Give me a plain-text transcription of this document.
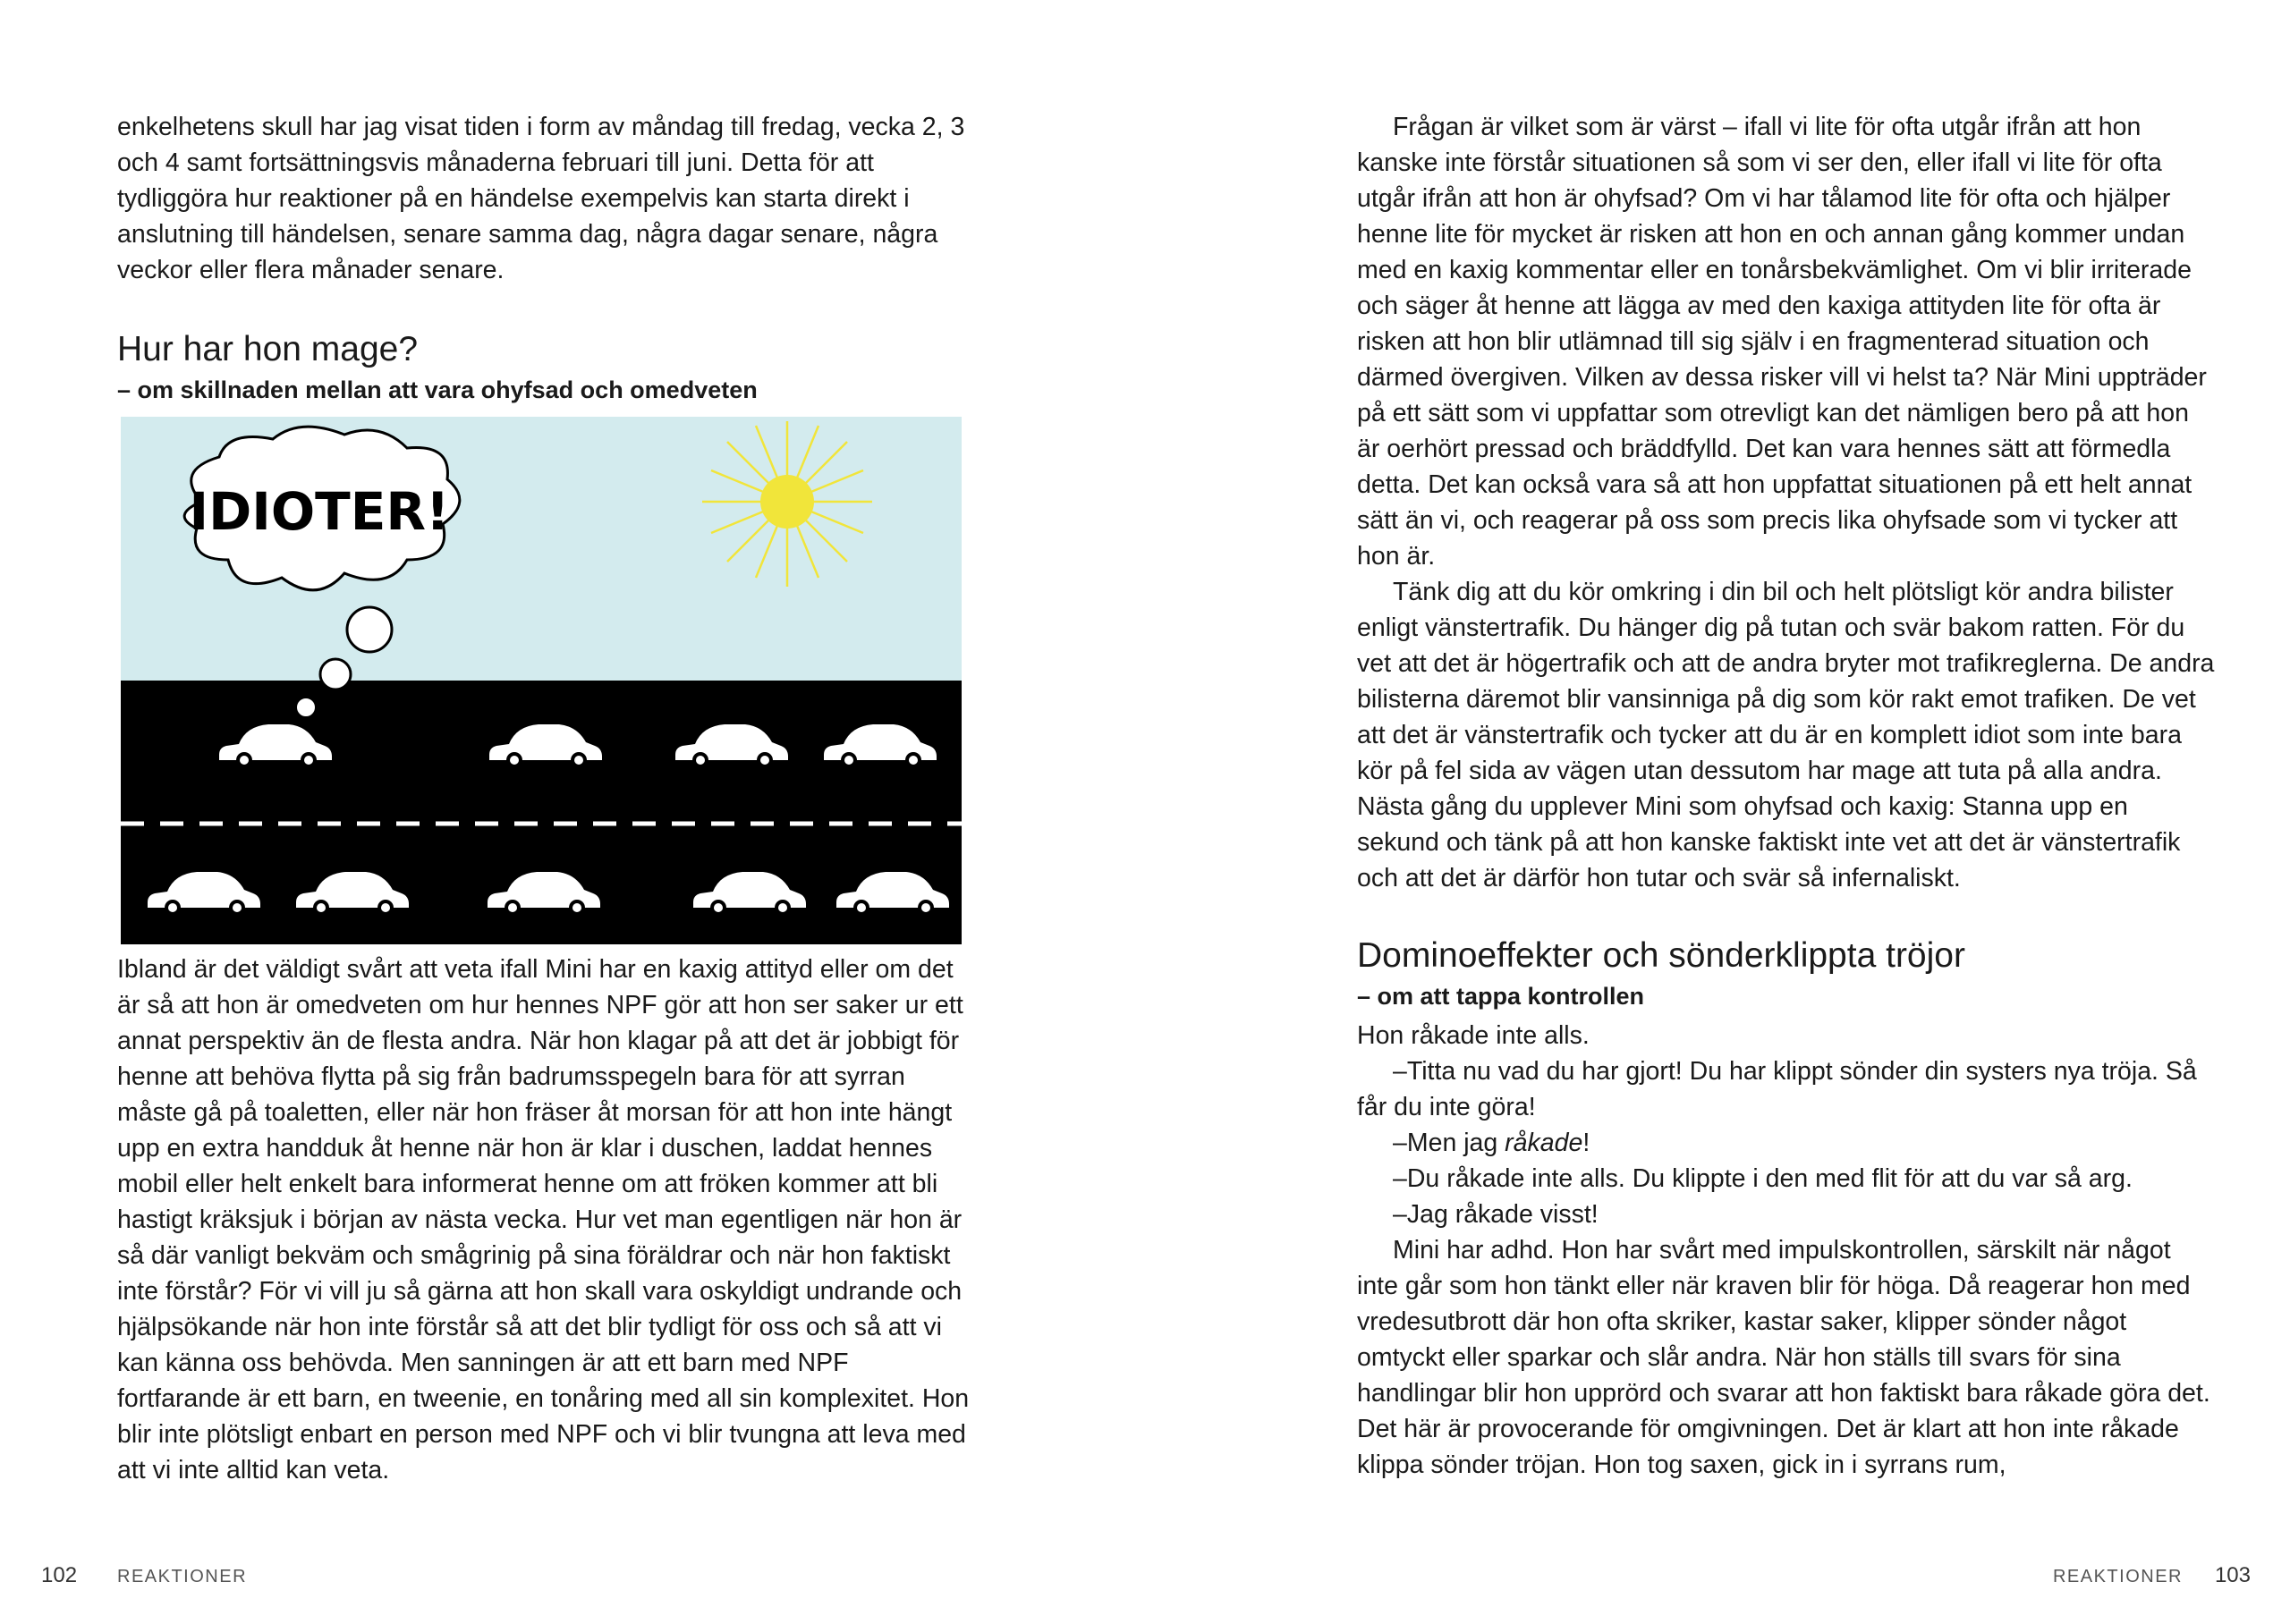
enkelhetens skull har jag visat tiden i form av måndag till fredag, vecka 2, 3 och 4 samt fortsättningsvis månaderna februari till juni. Detta för att tydliggöra hur reaktioner på en händelse exempelvis kan starta direkt i anslutning till händelsen, senare samma dag, några dagar senare, några veckor eller flera månader senare.

Hur har hon mage?

– om skillnaden mellan att vara ohyfsad och omedveten

IDIOTER!

Ibland är det väldigt svårt att veta ifall Mini har en kaxig attityd eller om det är så att hon är omedveten om hur hennes NPF gör att hon ser saker ur ett annat perspektiv än de flesta andra. När hon klagar på att det är jobbigt för henne att behöva flytta på sig från badrumsspegeln bara för att syrran måste gå på toaletten, eller när hon fräser åt morsan för att hon inte hängt upp en extra handduk åt henne när hon är klar i duschen, laddat hennes mobil eller helt enkelt bara informerat henne om att fröken kommer att bli hastigt kräksjuk i början av nästa vecka. Hur vet man egentligen när hon är så där vanligt bekväm och smågrinig på sina föräldrar och när hon faktiskt inte förstår? För vi vill ju så gärna att hon skall vara oskyldigt undrande och hjälpsökande när hon inte förstår så att det blir tydligt för oss och så att vi kan känna oss behövda. Men sanningen är att ett barn med NPF fortfarande är ett barn, en tweenie, en tonåring med all sin komplexitet. Hon blir inte plötsligt enbart en person med NPF och vi blir tvungna att leva med att vi inte alltid kan veta.

102 REAKTIONER

Frågan är vilket som är värst – ifall vi lite för ofta utgår ifrån att hon kanske inte förstår situationen så som vi ser den, eller ifall vi lite för ofta utgår ifrån att hon är ohyfsad? Om vi har tålamod lite för ofta och hjälper henne lite för mycket är risken att hon en och annan gång kommer undan med en kaxig kommentar eller en tonårsbekvämlighet. Om vi blir irriterade och säger åt henne att lägga av med den kaxiga attityden lite för ofta är risken att hon blir utlämnad till sig själv i en fragmenterad situation och därmed övergiven. Vilken av dessa risker vill vi helst ta? När Mini uppträder på ett sätt som vi uppfattar som otrevligt kan det nämligen bero på att hon är oerhört pressad och bräddfylld. Det kan vara hennes sätt att förmedla detta. Det kan också vara så att hon uppfattat situationen på ett helt annat sätt än vi, och reagerar på oss som precis lika ohyfsade som vi tycker att hon är.

Tänk dig att du kör omkring i din bil och helt plötsligt kör andra bilister enligt vänstertrafik. Du hänger dig på tutan och svär bakom ratten. För du vet att det är högertrafik och att de andra bryter mot trafikreglerna. De andra bilisterna däremot blir vansinniga på dig som kör rakt emot trafiken. De vet att det är vänstertrafik och tycker att du är en komplett idiot som inte bara kör på fel sida av vägen utan dessutom har mage att tuta på alla andra. Nästa gång du upplever Mini som ohyfsad och kaxig: Stanna upp en sekund och tänk på att hon kanske faktiskt inte vet att det är vänstertrafik och att det är därför hon tutar och svär så infernaliskt.

Dominoeffekter och sönderklippta tröjor

– om att tappa kontrollen

Hon råkade inte alls.

–Titta nu vad du har gjort! Du har klippt sönder din systers nya tröja. Så får du inte göra!

–Men jag råkade!

–Du råkade inte alls. Du klippte i den med flit för att du var så arg.

–Jag råkade visst!

Mini har adhd. Hon har svårt med impulskontrollen, särskilt när något inte går som hon tänkt eller när kraven blir för höga. Då reagerar hon med vredesutbrott där hon ofta skriker, kastar saker, klipper sönder något omtyckt eller sparkar och slår andra. När hon ställs till svars för sina handlingar blir hon upprörd och svarar att hon faktiskt bara råkade göra det. Det här är provocerande för omgivningen. Det är klart att hon inte råkade klippa sönder tröjan. Hon tog saxen, gick in i syrrans rum,

REAKTIONER 103
